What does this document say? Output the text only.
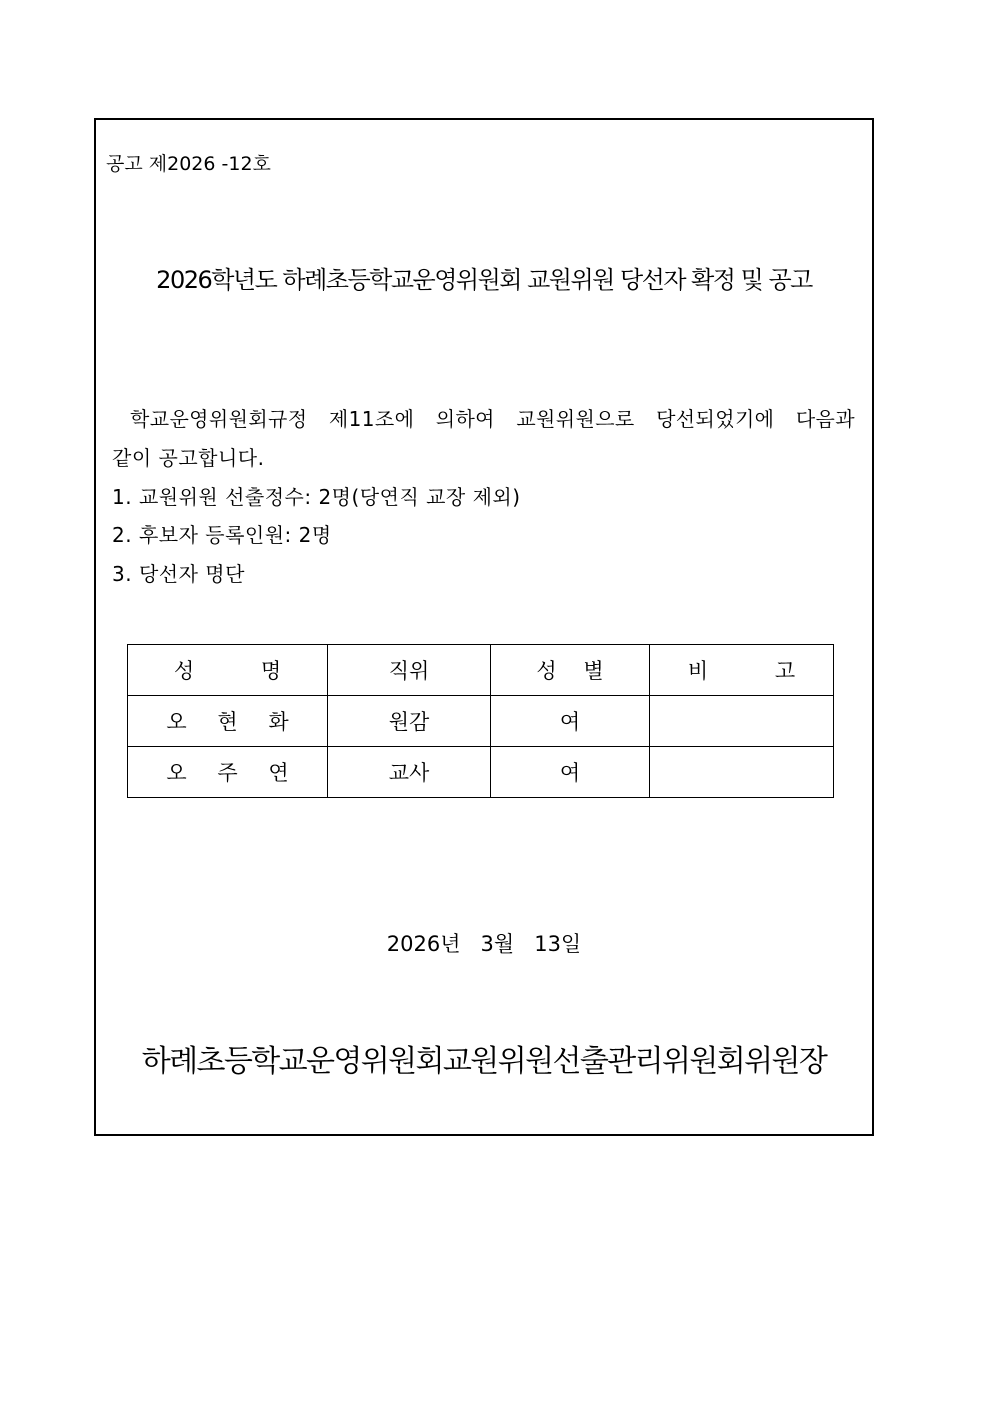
공고 제2026 -12호
2026학년도 하례초등학교운영위원회 교원위원 당선자 확정 및 공고
학교운영위원회규정 제11조에 의하여 교원위원으로 당선되었기에 다음과
같이 공고합니다.
1. 교원위원 선출정수: 2명(당연직 교장 제외)
2. 후보자 등록인원: 2명
3. 당선자 명단
성 명	직위	성 별	비 고
오 현 화	원감	여	
오 주 연	교사	여	
2026년   3월   13일
하례초등학교운영위원회교원위원선출관리위원회위원장
